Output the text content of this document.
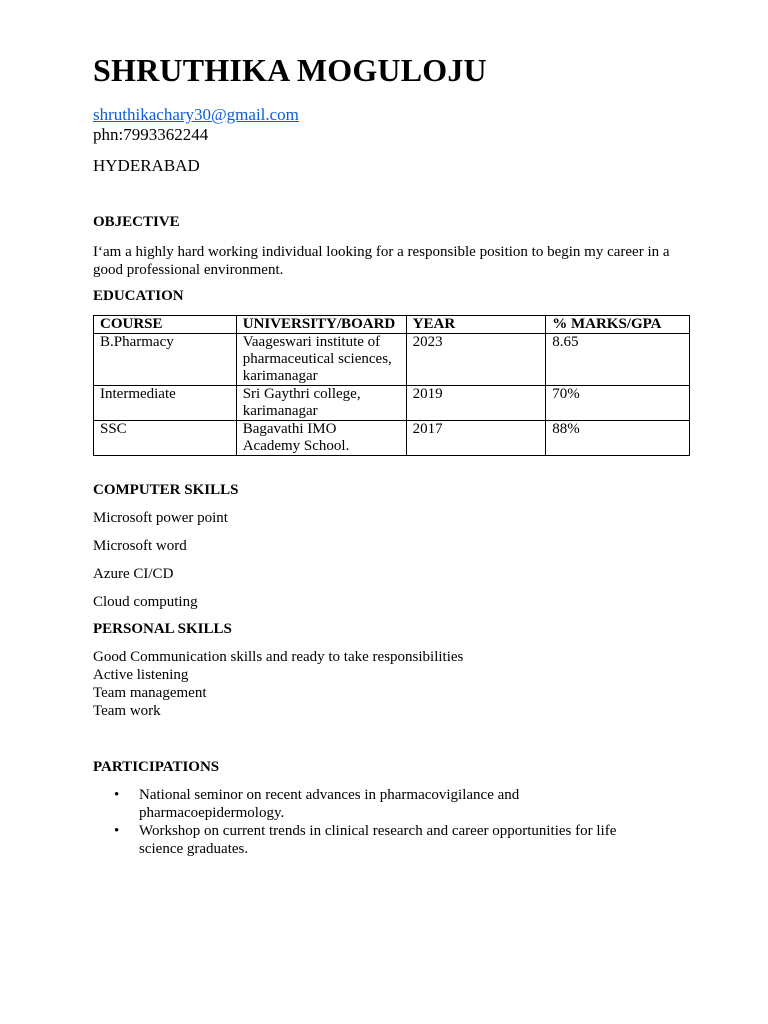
SHRUTHIKA MOGULOJU
shruthikachary30@gmail.com
phn:7993362244
HYDERABAD
OBJECTIVE

I‘am a highly hard working individual looking for a responsible position to begin my career in a good professional environment.

EDUCATION
COURSE	UNIVERSITY/BOARD	YEAR	% MARKS/GPA
B.Pharmacy	Vaageswari institute of
pharmaceutical sciences,
karimanagar	2023	8.65
Intermediate	Sri Gaythri college,
karimanagar	2019	70%
SSC	Bagavathi IMO
Academy School.	2017	88%
COMPUTER SKILLS
Microsoft power point
Microsoft word
Azure CI/CD
Cloud computing
PERSONAL SKILLS
Good Communication skills and ready to take responsibilities
Active listening
Team management
Team work
PARTICIPATIONS
• National seminor on recent advances in pharmacovigilance and
pharmacoepidermology.
• Workshop on current trends in clinical research and career opportunities for life
science graduates.
